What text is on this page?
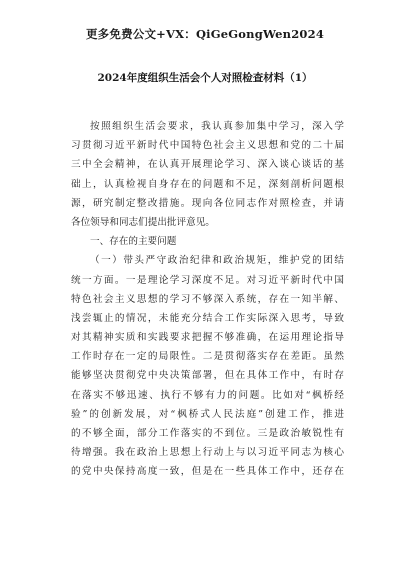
更多免费公文+VX：QiGeGongWen2024
2024年度组织生活会个人对照检查材料（1）
按照组织生活会要求，我认真参加集中学习，深入学
习贯彻习近平新时代中国特色社会主义思想和党的二十届
三中全会精神，在认真开展理论学习、深入谈心谈话的基
础上，认真检视自身存在的问题和不足，深刻剖析问题根
源，研究制定整改措施。现向各位同志作对照检查，并请
各位领导和同志们提出批评意见。
一、存在的主要问题
（一）带头严守政治纪律和政治规矩，维护党的团结
统一方面。一是理论学习深度不足。对习近平新时代中国
特色社会主义思想的学习不够深入系统，存在一知半解、
浅尝辄止的情况，未能充分结合工作实际深入思考，导致
对其精神实质和实践要求把握不够准确，在运用理论指导
工作时存在一定的局限性。二是贯彻落实存在差距。虽然
能够坚决贯彻党中央决策部署，但在具体工作中，有时存
在落实不够迅速、执行不够有力的问题。比如对“枫桥经
验”的创新发展，对“枫桥式人民法庭”创建工作，推进
的不够全面，部分工作落实的不到位。三是政治敏锐性有
待增强。我在政治上思想上行动上与以习近平同志为核心
的党中央保持高度一致，但是在一些具体工作中，还存在
